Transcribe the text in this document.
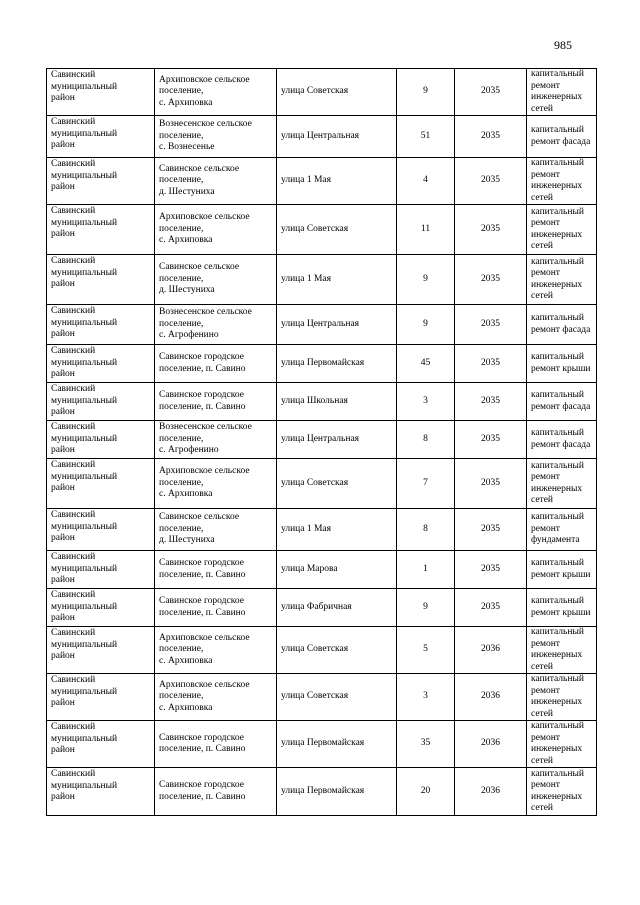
985
Савинский
муниципальный
район	Архиповское сельское
поселение,
с. Архиповка	улица Советская	9	2035	капитальный
ремонт
инженерных
сетей

Савинский
муниципальный
район	Вознесенское сельское
поселение,
с. Вознесенье	улица Центральная	51	2035	капитальный
ремонт фасада

Савинский
муниципальный
район	Савинское сельское
поселение,
д. Шестуниха	улица 1 Мая	4	2035	капитальный
ремонт
инженерных
сетей

Савинский
муниципальный
район	Архиповское сельское
поселение,
с. Архиповка	улица Советская	11	2035	капитальный
ремонт
инженерных
сетей

Савинский
муниципальный
район	Савинское сельское
поселение,
д. Шестуниха	улица 1 Мая	9	2035	капитальный
ремонт
инженерных
сетей

Савинский
муниципальный
район	Вознесенское сельское
поселение,
с. Агрофенино	улица Центральная	9	2035	капитальный
ремонт фасада

Савинский
муниципальный
район	Савинское городское
поселение, п. Савино	улица Первомайская	45	2035	капитальный
ремонт крыши

Савинский
муниципальный
район	Савинское городское
поселение, п. Савино	улица Школьная	3	2035	капитальный
ремонт фасада

Савинский
муниципальный
район	Вознесенское сельское
поселение,
с. Агрофенино	улица Центральная	8	2035	капитальный
ремонт фасада

Савинский
муниципальный
район	Архиповское сельское
поселение,
с. Архиповка	улица Советская	7	2035	капитальный
ремонт
инженерных
сетей

Савинский
муниципальный
район	Савинское сельское
поселение,
д. Шестуниха	улица 1 Мая	8	2035	капитальный
ремонт
фундамента

Савинский
муниципальный
район	Савинское городское
поселение, п. Савино	улица Марова	1	2035	капитальный
ремонт крыши

Савинский
муниципальный
район	Савинское городское
поселение, п. Савино	улица Фабричная	9	2035	капитальный
ремонт крыши

Савинский
муниципальный
район	Архиповское сельское
поселение,
с. Архиповка	улица Советская	5	2036	капитальный
ремонт
инженерных
сетей

Савинский
муниципальный
район	Архиповское сельское
поселение,
с. Архиповка	улица Советская	3	2036	капитальный
ремонт
инженерных
сетей

Савинский
муниципальный
район	Савинское городское
поселение, п. Савино	улица Первомайская	35	2036	капитальный
ремонт
инженерных
сетей

Савинский
муниципальный
район	Савинское городское
поселение, п. Савино	улица Первомайская	20	2036	капитальный
ремонт
инженерных
сетей
